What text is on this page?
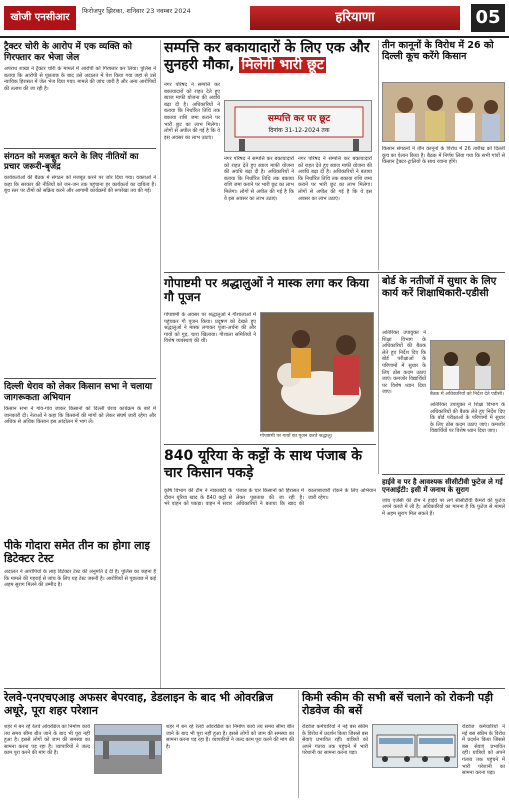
खोजी एनसीआर
फिरोजपुर झिरका, शनिवार 23 नवम्बर 2024	हरियाणा	05
ट्रैक्टर चोरी के आरोप में एक व्यक्ति को गिरफ्तार कर भेजा जेल
अपराध शाखा ने ट्रैक्टर चोरी के मामले में आरोपी को गिरफ्तार कर लिया। पुलिस ने बताया कि आरोपी से पूछताछ के बाद उसे अदालत में पेश किया गया जहां से उसे न्यायिक हिरासत में जेल भेज दिया गया। मामले की जांच जारी है और अन्य आरोपियों की तलाश की जा रही है।
संगठन को मजबूत करने के लिए नीतियों का प्रचार जरूरी-बृजेंद्र
कार्यकर्ताओं की बैठक में संगठन को मजबूत करने पर जोर दिया गया। वक्ताओं ने कहा कि सरकार की नीतियों को जन-जन तक पहुंचाना हर कार्यकर्ता का दायित्व है। बूथ स्तर पर टीमों को सक्रिय करने और आगामी कार्यक्रमों की रूपरेखा तय की गई।
दिल्ली धेराव को लेकर किसान सभा ने चलाया जागरूकता अभियान
किसान सभा ने गांव-गांव जाकर किसानों को दिल्ली घेराव कार्यक्रम के बारे में जानकारी दी। नेताओं ने कहा कि किसानों की मांगों को लेकर संघर्ष जारी रहेगा और अधिक से अधिक किसान इस आंदोलन में भाग लें।
पीके गोदारा समेत तीन का होगा लाइ डिटेक्टर टेस्ट
अदालत ने आरोपियों के लाइ डिटेक्टर टेस्ट की अनुमति दे दी है। पुलिस का कहना है कि मामले की गहराई से जांच के लिए यह टेस्ट जरूरी है। आरोपियों से पूछताछ में कई अहम सुराग मिलने की उम्मीद है।
सम्पत्ति कर बकायादारों के लिए एक और सुनहरी मौका, मिलेगी भारी छूट
सम्पत्ति कर पर छूट
दिनांक 31-12-2024 तक
नगर परिषद ने सम्पत्ति कर बकायादारों को राहत देते हुए ब्याज माफी योजना की अवधि बढ़ा दी है। अधिकारियों ने बताया कि निर्धारित तिथि तक बकाया राशि जमा कराने पर भारी छूट का लाभ मिलेगा। लोगों से अपील की गई है कि वे इस अवसर का लाभ उठाएं।
नगर परिषद ने सम्पत्ति कर बकायादारों को राहत देते हुए ब्याज माफी योजना की अवधि बढ़ा दी है। अधिकारियों ने बताया कि निर्धारित तिथि तक बकाया राशि जमा कराने पर भारी छूट का लाभ मिलेगा। लोगों से अपील की गई है कि वे इस अवसर का लाभ उठाएं।
नगर परिषद ने सम्पत्ति कर बकायादारों को राहत देते हुए ब्याज माफी योजना की अवधि बढ़ा दी है। अधिकारियों ने बताया कि निर्धारित तिथि तक बकाया राशि जमा कराने पर भारी छूट का लाभ मिलेगा। लोगों से अपील की गई है कि वे इस अवसर का लाभ उठाएं।
तीन कानूनों के विरोध में 26 को दिल्ली कूच करेंगे किसान
किसान संगठनों ने तीन कानूनों के विरोध में 26 तारीख को दिल्ली कूच का ऐलान किया है। बैठक में निर्णय लिया गया कि सभी गांवों से किसान ट्रैक्टर-ट्रालियों के साथ रवाना होंगे।
गोपाष्टमी पर श्रद्धालुओं ने मास्क लगा कर किया गौ पूजन
गोपाष्टमी पर गायों का पूजन करते श्रद्धालु।
गोपाष्टमी के अवसर पर श्रद्धालुओं ने गौशालाओं में पहुंचकर गौ पूजन किया। प्रदूषण को देखते हुए श्रद्धालुओं ने मास्क लगाकर पूजा-अर्चना की और गायों को गुड़, चारा खिलाया। गौशाला समितियों ने विशेष व्यवस्थाएं की थीं।
बोर्ड के नतीजों में सुधार के लिए कार्य करें शिक्षाधिकारी-एडीसी
बैठक में अधिकारियों को निर्देश देते एडीसी।
अतिरिक्त उपायुक्त ने शिक्षा विभाग के अधिकारियों की बैठक लेते हुए निर्देश दिए कि बोर्ड परीक्षाओं के परिणामों में सुधार के लिए ठोस कदम उठाए जाएं। कमजोर विद्यार्थियों पर विशेष ध्यान दिया जाए।
अतिरिक्त उपायुक्त ने शिक्षा विभाग के अधिकारियों की बैठक लेते हुए निर्देश दिए कि बोर्ड परीक्षाओं के परिणामों में सुधार के लिए ठोस कदम उठाए जाएं। कमजोर विद्यार्थियों पर विशेष ध्यान दिया जाए।
हाईवे व पर है आवश्यक सीसीटीवी फुटेज ले गई एनआईटी: इसी में जनाथ के सुराग
जांच एजेंसी की टीम ने हाईवे पर लगे सीसीटीवी कैमरों की फुटेज अपने कब्जे में ली है। अधिकारियों का मानना है कि फुटेज से मामले में अहम सुराग मिल सकते हैं।
840 यूरिया के कट्टों के साथ पंजाब के चार किसान पकड़े
कृषि विभाग की टीम ने नाकाबंदी के दौरान यूरिया खाद के 840 कट्टों से भरे वाहन को पकड़ा। वाहन में सवार पंजाब के चार किसानों को हिरासत में लेकर पूछताछ की जा रही है। अधिकारियों ने बताया कि खाद की कालाबाजारी रोकने के लिए अभियान जारी रहेगा।
रेलवे-एनएचएआइ अफसर बेपरवाह, डेडलाइन के बाद भी ओवरब्रिज अधूरे, पूरा शहर परेशान
शहर में बन रहे रेलवे ओवरब्रिज का निर्माण कार्य तय समय सीमा बीत जाने के बाद भी पूरा नहीं हुआ है। इससे लोगों को जाम की समस्या का सामना करना पड़ रहा है। व्यापारियों ने जल्द काम पूरा करने की मांग की है।
शहर में बन रहे रेलवे ओवरब्रिज का निर्माण कार्य तय समय सीमा बीत जाने के बाद भी पूरा नहीं हुआ है। इससे लोगों को जाम की समस्या का सामना करना पड़ रहा है। व्यापारियों ने जल्द काम पूरा करने की मांग की है।
किमी स्कीम की सभी बसें चलाने को रोकनी पड़ी रोडवेज की बसें
रोडवेज कर्मचारियों ने नई बस स्कीम के विरोध में प्रदर्शन किया जिससे बस सेवाएं प्रभावित रहीं। यात्रियों को अपने गंतव्य तक पहुंचने में भारी परेशानी का सामना करना पड़ा।
रोडवेज कर्मचारियों ने नई बस स्कीम के विरोध में प्रदर्शन किया जिससे बस सेवाएं प्रभावित रहीं। यात्रियों को अपने गंतव्य तक पहुंचने में भारी परेशानी का सामना करना पड़ा।
